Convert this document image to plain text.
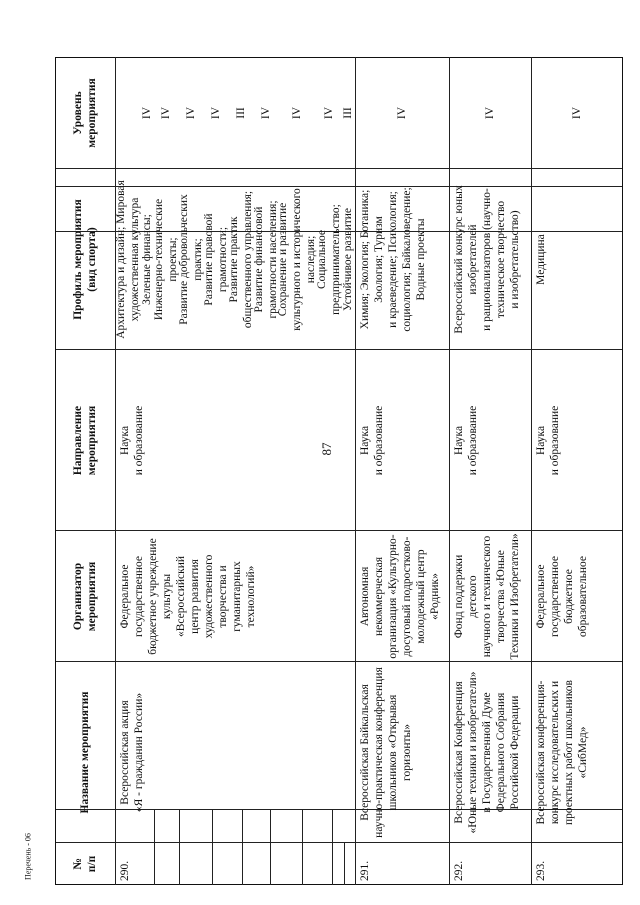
87
№ п/п
Название мероприятия
Организатор мероприятия
Направление мероприятия
Профиль мероприятия (вид спорта)
Уровень мероприятия
290.
Всероссийская акция «Я - гражданин России»
Федеральное государственное бюджетное учреждение культуры «Всероссийский центр развития художественного творчества и гуманитарных технологий»
Наука и образование
Архитектура и дизайн; Мировая художественная культура Зеленые финансы;
IV
Инженерно-технические проекты;
IV
Развитие добровольческих практик;
IV
Развитие правовой грамотности;
IV
Развитие практик общественного управления;
III
Развитие финансовой грамотности населения;
IV
Сохранение и развитие культурного и исторического наследия;
IV
Социальное предпринимательство;
IV
Устойчивое развитие
III
291.
Всероссийская Байкальская научно-практическая конференция школьников «Открывая горизонты»
Автономная некоммерческая организация «Культурно- досуговый подростково- молодежный центр «Родник»
Наука и образование
Химия; Экология; Ботаника; Зоология; Туризм и краеведение; Психология; социология; Байкаловедение; Водные проекты
IV
292.
Всероссийская Конференция «Юные техники и изобретатели» в Государственной Думе Федерального Собрания Российской Федерации
Фонд поддержки детского научного и технического творчества «Юные Техники и Изобретатели»
Наука и образование
Всероссийский конкурс юных изобретателей и рационализаторов (научно- техническое творчество и изобретательство)
IV
293.
Всероссийская конференция- конкурс исследовательских и проектных работ школьников «СибМед»
Федеральное государственное бюджетное образовательное
Наука и образование
Медицина
IV
Перечень - 06
